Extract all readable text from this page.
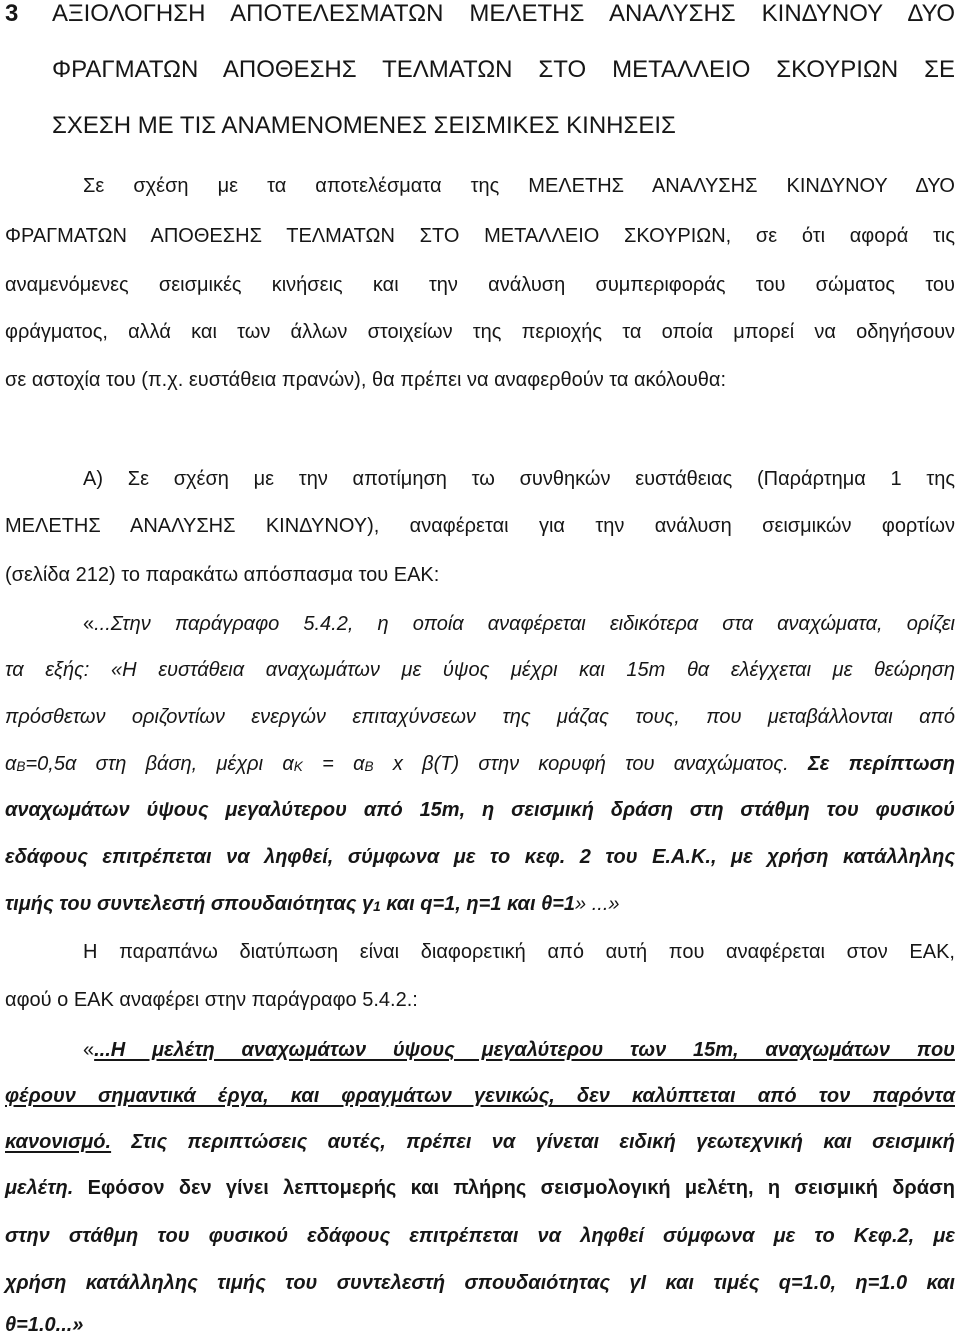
3 ΑΞΙΟΛΟΓΗΣΗ ΑΠΟΤΕΛΕΣΜΑΤΩΝ ΜΕΛΕΤΗΣ ΑΝΑΛΥΣΗΣ ΚΙΝΔΥΝΟΥ ΔΥΟ
ΦΡΑΓΜΑΤΩΝ ΑΠΟΘΕΣΗΣ ΤΕΛΜΑΤΩΝ ΣΤΟ ΜΕΤΑΛΛΕΙΟ ΣΚΟΥΡΙΩΝ ΣΕ
ΣΧΕΣΗ ΜΕ ΤΙΣ ΑΝΑΜΕΝΟΜΕΝΕΣ ΣΕΙΣΜΙΚΕΣ ΚΙΝΗΣΕΙΣ
Σε σχέση με τα αποτελέσματα της ΜΕΛΕΤΗΣ ΑΝΑΛΥΣΗΣ ΚΙΝΔΥΝΟΥ ΔΥΟ
ΦΡΑΓΜΑΤΩΝ ΑΠΟΘΕΣΗΣ ΤΕΛΜΑΤΩΝ ΣΤΟ ΜΕΤΑΛΛΕΙΟ ΣΚΟΥΡΙΩΝ, σε ότι αφορά τις
αναμενόμενες σεισμικές κινήσεις και την ανάλυση συμπεριφοράς του σώματος του
φράγματος, αλλά και των άλλων στοιχείων της περιοχής τα οποία μπορεί να οδηγήσουν
σε αστοχία του (π.χ. ευστάθεια πρανών), θα πρέπει να αναφερθούν τα ακόλουθα:
Α) Σε σχέση με την αποτίμηση τω συνθηκών ευστάθειας (Παράρτημα 1 της
ΜΕΛΕΤΗΣ ΑΝΑΛΥΣΗΣ ΚΙΝΔΥΝΟΥ), αναφέρεται για την ανάλυση σεισμικών φορτίων
(σελίδα 212) το παρακάτω απόσπασμα του ΕΑΚ:
«...Στην παράγραφο 5.4.2, η οποία αναφέρεται ειδικότερα στα αναχώματα, ορίζει
τα εξής: «Η ευστάθεια αναχωμάτων με ύψος μέχρι και 15m θα ελέγχεται με θεώρηση
πρόσθετων οριζοντίων ενεργών επιταχύνσεων της μάζας τους, που μεταβάλλονται από
αΒ=0,5α στη βάση, μέχρι αΚ = αΒ x β(Τ) στην κορυφή του αναχώματος. Σε περίπτωση
αναχωμάτων ύψους μεγαλύτερου από 15m, η σεισμική δράση στη στάθμη του φυσικού
εδάφους επιτρέπεται να ληφθεί, σύμφωνα με το κεφ. 2 του Ε.Α.Κ., με χρήση κατάλληλης
τιμής του συντελεστή σπουδαιότητας γ1 και q=1, η=1 και θ=1» ...»
Η παραπάνω διατύπωση είναι διαφορετική από αυτή που αναφέρεται στον ΕΑΚ,
αφού ο ΕΑΚ αναφέρει στην παράγραφο 5.4.2.:
«...Η μελέτη αναχωμάτων ύψους μεγαλύτερου των 15m, αναχωμάτων που
φέρουν σημαντικά έργα, και φραγμάτων γενικώς, δεν καλύπτεται από τον παρόντα
κανονισμό. Στις περιπτώσεις αυτές, πρέπει να γίνεται ειδική γεωτεχνική και σεισμική
μελέτη. Εφόσον δεν γίνει λεπτομερής και πλήρης σεισμολογική μελέτη, η σεισμική δράση
στην στάθμη του φυσικού εδάφους επιτρέπεται να ληφθεί σύμφωνα με το Κεφ.2, με
χρήση κατάλληλης τιμής του συντελεστή σπουδαιότητας γΙ και τιμές q=1.0, η=1.0 και
θ=1.0...»
